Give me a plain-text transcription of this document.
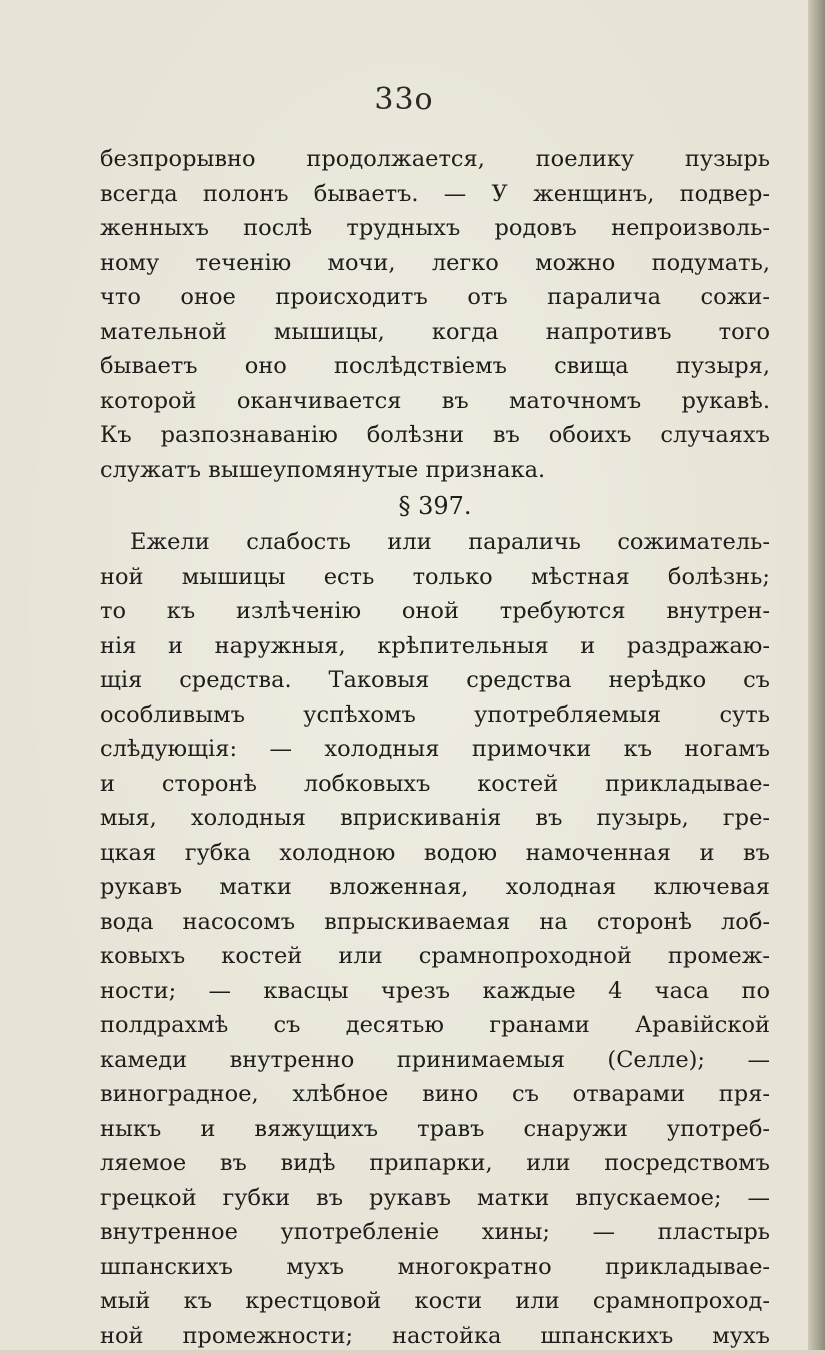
33о
безпрорывно продолжается, поелику пузырь
всегда полонъ бываетъ. — У женщинъ, подвер-
женныхъ послѣ трудныхъ родовъ непроизволь-
ному теченію мочи, легко можно подумать,
что оное происходитъ отъ паралича сожи-
мательной мышицы, когда напротивъ того
бываетъ оно послѣдствіемъ свища пузыря,
которой оканчивается въ маточномъ рукавѣ.
Къ разпознаванію болѣзни въ обоихъ случаяхъ
служатъ вышеупомянутые признака.
§ 397.
Ежели слабость или параличь сожиматель-
ной мышицы есть только мѣстная болѣзнь;
то къ излѣченію оной требуются внутрен-
нія и наружныя, крѣпительныя и раздражаю-
щія средства. Таковыя средства нерѣдко съ
особливымъ успѣхомъ употребляемыя суть
слѣдующія: — холодныя примочки къ ногамъ
и сторонѣ лобковыхъ костей прикладывае-
мыя, холодныя вприскиванія въ пузырь, гре-
цкая губка холодною водою намоченная и въ
рукавъ матки вложенная, холодная ключевая
вода насосомъ впрыскиваемая на сторонѣ лоб-
ковыхъ костей или срамнопроходной промеж-
ности; — квасцы чрезъ каждые 4 часа по
полдрахмѣ съ десятью гранами Аравійской
камеди внутренно принимаемыя (Селле); —
виноградное, хлѣбное вино съ отварами пря-
ныкъ и вяжущихъ травъ снаружи употреб-
ляемое въ видѣ припарки, или посредствомъ
грецкой губки въ рукавъ матки впускаемое; —
внутренное употребленіе хины; — пластырь
шпанскихъ мухъ многократно прикладывае-
мый къ крестцовой кости или срамнопроход-
ной промежности; настойка шпанскихъ мухъ
